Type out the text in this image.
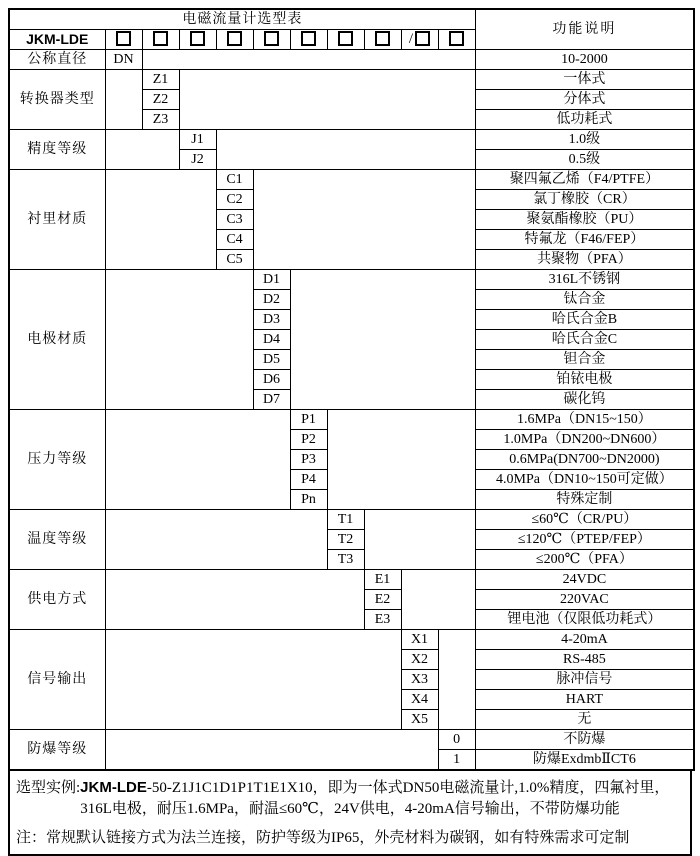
电磁流量计选型表											功能说明
JKM-LDE									/		
公称直径	DN										10-2000
转换器类型		Z1									一体式
		Z2									分体式
		Z3									低功耗式
精度等级			J1								1.0级
			J2								0.5级
衬里材质				C1							聚四氟乙烯（F4/PTFE）
				C2							氯丁橡胶（CR）
				C3							聚氨酯橡胶（PU）
				C4							特氟龙（F46/FEP）
				C5							共聚物（PFA）
电极材质					D1						316L不锈钢
					D2						钛合金
					D3						哈氏合金B
					D4						哈氏合金C
					D5						钽合金
					D6						铂铱电极
					D7						碳化钨
压力等级						P1					1.6MPa（DN15~150）
						P2					1.0MPa（DN200~DN600）
						P3					0.6MPa(DN700~DN2000)
						P4					4.0MPa（DN10~150可定做）
						Pn					特殊定制
温度等级							T1				≤60℃（CR/PU）
							T2				≤120℃（PTEP/FEP）
							T3				≤200℃（PFA）
供电方式								E1			24VDC
								E2			220VAC
								E3			锂电池（仅限低功耗式）
信号输出									X1		4-20mA
									X2		RS-485
									X3		脉冲信号
									X4		HART
									X5		无
防爆等级										0	不防爆
										1	防爆ExdmbⅡCT6
选型实例:JKM-LDE-50-Z1J1C1D1P1T1E1X10，即为一体式DN50电磁流量计,1.0%精度，四氟衬里，
316L电极，耐压1.6MPa，耐温≤60℃，24V供电，4-20mA信号输出，不带防爆功能
注：常规默认链接方式为法兰连接，防护等级为IP65，外壳材料为碳钢，如有特殊需求可定制
